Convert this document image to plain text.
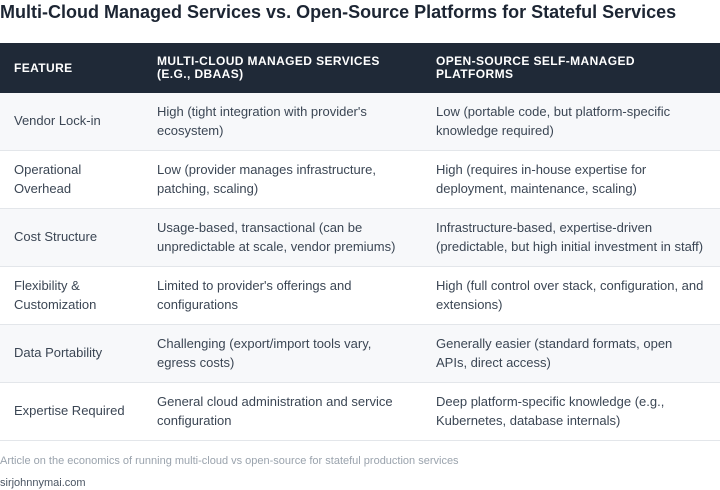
Multi-Cloud Managed Services vs. Open-Source Platforms for Stateful Services
FEATURE	MULTI-CLOUD MANAGED SERVICES (E.G., DBAAS)	OPEN-SOURCE SELF-MANAGED PLATFORMS
Vendor Lock-in	High (tight integration with provider's ecosystem)	Low (portable code, but platform-specific knowledge required)
Operational Overhead	Low (provider manages infrastructure, patching, scaling)	High (requires in-house expertise for deployment, maintenance, scaling)
Cost Structure	Usage-based, transactional (can be unpredictable at scale, vendor premiums)	Infrastructure-based, expertise-driven (predictable, but high initial investment in staff)
Flexibility & Customization	Limited to provider's offerings and configurations	High (full control over stack, configuration, and extensions)
Data Portability	Challenging (export/import tools vary, egress costs)	Generally easier (standard formats, open APIs, direct access)
Expertise Required	General cloud administration and service configuration	Deep platform-specific knowledge (e.g., Kubernetes, database internals)
Article on the economics of running multi-cloud vs open-source for stateful production services
sirjohnnymai.com
